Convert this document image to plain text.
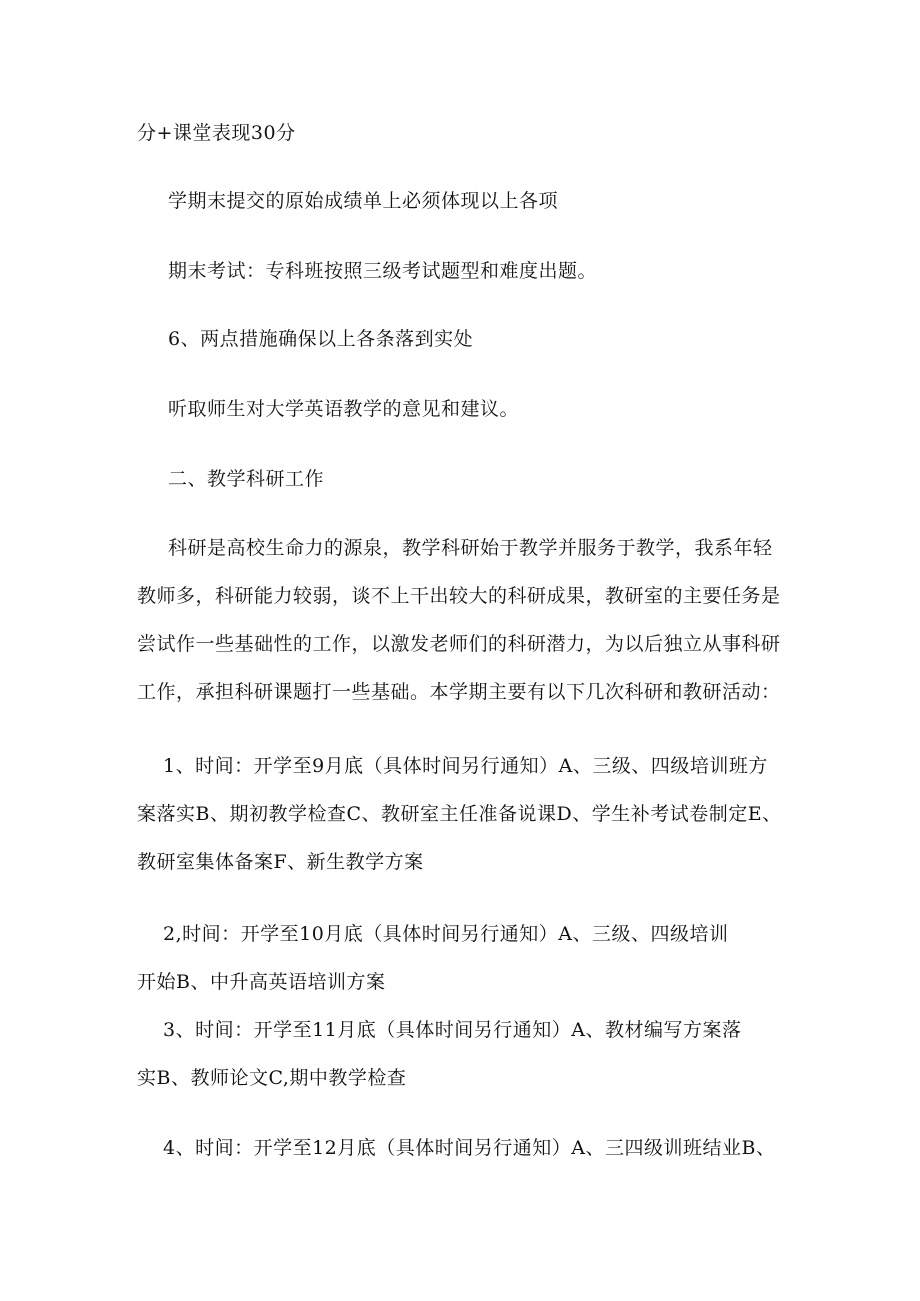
分+课堂表现30分

学期末提交的原始成绩单上必须体现以上各项

期末考试：专科班按照三级考试题型和难度出题。

6、两点措施确保以上各条落到实处

听取师生对大学英语教学的意见和建议。

二、教学科研工作

科研是高校生命力的源泉，教学科研始于教学并服务于教学，我系年轻

教师多，科研能力较弱，谈不上干出较大的科研成果，教研室的主要任务是

尝试作一些基础性的工作，以激发老师们的科研潜力，为以后独立从事科研

工作，承担科研课题打一些基础。本学期主要有以下几次科研和教研活动：

1、时间：开学至9月底（具体时间另行通知）A、三级、四级培训班方

案落实B、期初教学检查C、教研室主任准备说课D、学生补考试卷制定E、

教研室集体备案F、新生教学方案

2,时间：开学至10月底（具体时间另行通知）A、三级、四级培训

开始B、中升高英语培训方案

3、时间：开学至11月底（具体时间另行通知）A、教材编写方案落

实B、教师论文C,期中教学检查

4、时间：开学至12月底（具体时间另行通知）A、三四级训班结业B、
